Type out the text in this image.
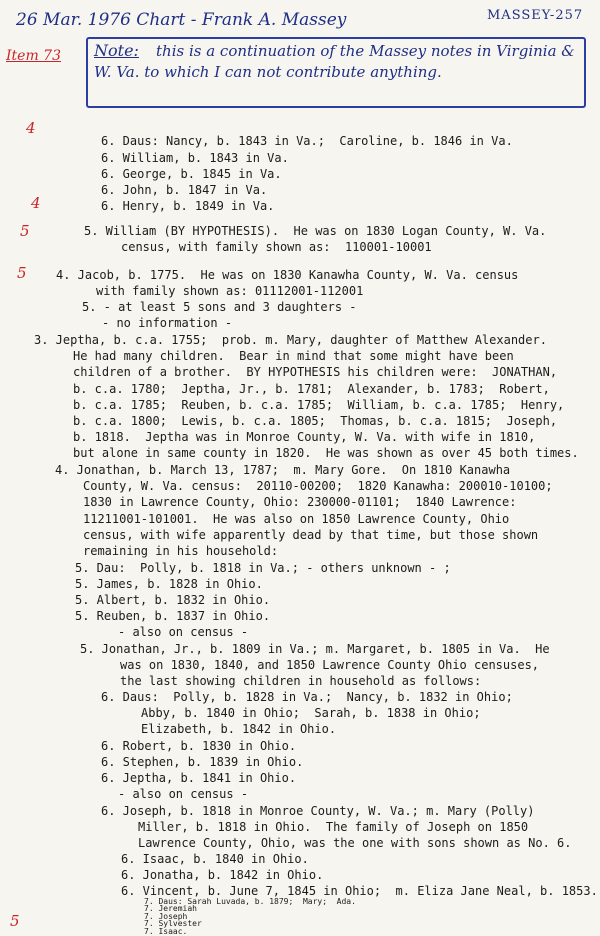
26 Mar. 1976 Chart - Frank A. Massey	MASSEY-257
Item 73 Note:	this is a continuation of the Massey notes in Virginia & W. Va. to which I can not contribute anything.
4
4
5
5
5
6. Daus: Nancy, b. 1843 in Va.;  Caroline, b. 1846 in Va.
6. William, b. 1843 in Va.
6. George, b. 1845 in Va.
6. John, b. 1847 in Va.
6. Henry, b. 1849 in Va.
5. William (BY HYPOTHESIS).  He was on 1830 Logan County, W. Va.
census, with family shown as:  110001-10001
4. Jacob, b. 1775.  He was on 1830 Kanawha County, W. Va. census
with family shown as: 01112001-112001
5. - at least 5 sons and 3 daughters -
- no information -
3. Jeptha, b. c.a. 1755;  prob. m. Mary, daughter of Matthew Alexander.
He had many children.  Bear in mind that some might have been
children of a brother.  BY HYPOTHESIS his children were:  JONATHAN,
b. c.a. 1780;  Jeptha, Jr., b. 1781;  Alexander, b. 1783;  Robert,
b. c.a. 1785;  Reuben, b. c.a. 1785;  William, b. c.a. 1785;  Henry,
b. c.a. 1800;  Lewis, b. c.a. 1805;  Thomas, b. c.a. 1815;  Joseph,
b. 1818.  Jeptha was in Monroe County, W. Va. with wife in 1810,
but alone in same county in 1820.  He was shown as over 45 both times.
4. Jonathan, b. March 13, 1787;  m. Mary Gore.  On 1810 Kanawha
County, W. Va. census:  20110-00200;  1820 Kanawha: 200010-10100;
1830 in Lawrence County, Ohio: 230000-01101;  1840 Lawrence:
11211001-101001.  He was also on 1850 Lawrence County, Ohio
census, with wife apparently dead by that time, but those shown
remaining in his household:
5. Dau:  Polly, b. 1818 in Va.; - others unknown - ;
5. James, b. 1828 in Ohio.
5. Albert, b. 1832 in Ohio.
5. Reuben, b. 1837 in Ohio.
- also on census -
5. Jonathan, Jr., b. 1809 in Va.; m. Margaret, b. 1805 in Va.  He
was on 1830, 1840, and 1850 Lawrence County Ohio censuses,
the last showing children in household as follows:
6. Daus:  Polly, b. 1828 in Va.;  Nancy, b. 1832 in Ohio;
Abby, b. 1840 in Ohio;  Sarah, b. 1838 in Ohio;
Elizabeth, b. 1842 in Ohio.
6. Robert, b. 1830 in Ohio.
6. Stephen, b. 1839 in Ohio.
6. Jeptha, b. 1841 in Ohio.
- also on census -
6. Joseph, b. 1818 in Monroe County, W. Va.; m. Mary (Polly)
Miller, b. 1818 in Ohio.  The family of Joseph on 1850
Lawrence County, Ohio, was the one with sons shown as No. 6.
6. Isaac, b. 1840 in Ohio.
6. Jonatha, b. 1842 in Ohio.
6. Vincent, b. June 7, 1845 in Ohio;  m. Eliza Jane Neal, b. 1853.
7. Daus: Sarah Luvada, b. 1879;  Mary;  Ada.
7. Jeremiah
7. Joseph
7. Sylvester
7. Isaac.
